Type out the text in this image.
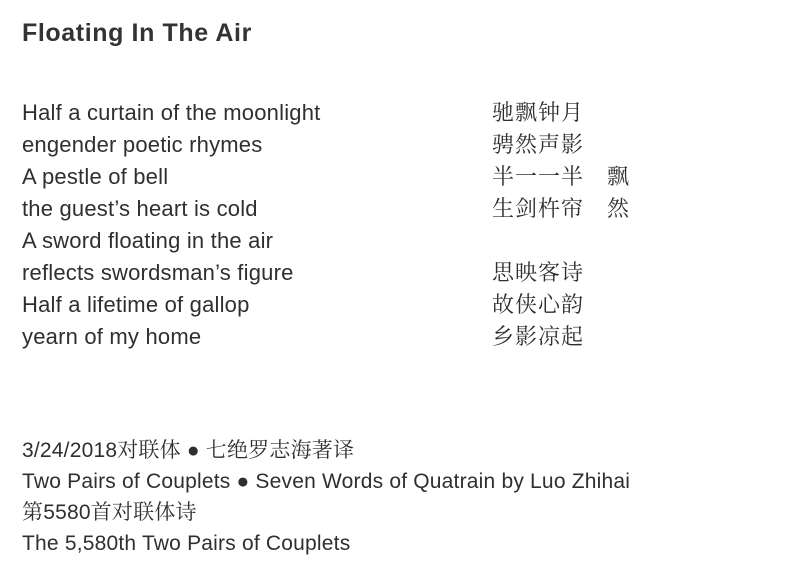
Floating In The Air
Half a curtain of the moonlight	驰飘钟月
engender poetic rhymes	骋然声影
A pestle of bell	半一一半　飘
the guest’s heart is cold	生剑杵帘　然
A sword floating in the air
reflects swordsman’s figure	思映客诗
Half a lifetime of gallop	故侠心韵
yearn of my home	乡影凉起
3/24/2018对联体 ● 七绝罗志海著译
Two Pairs of Couplets ● Seven Words of Quatrain by Luo Zhihai
第5580首对联体诗
The 5,580th Two Pairs of Couplets
